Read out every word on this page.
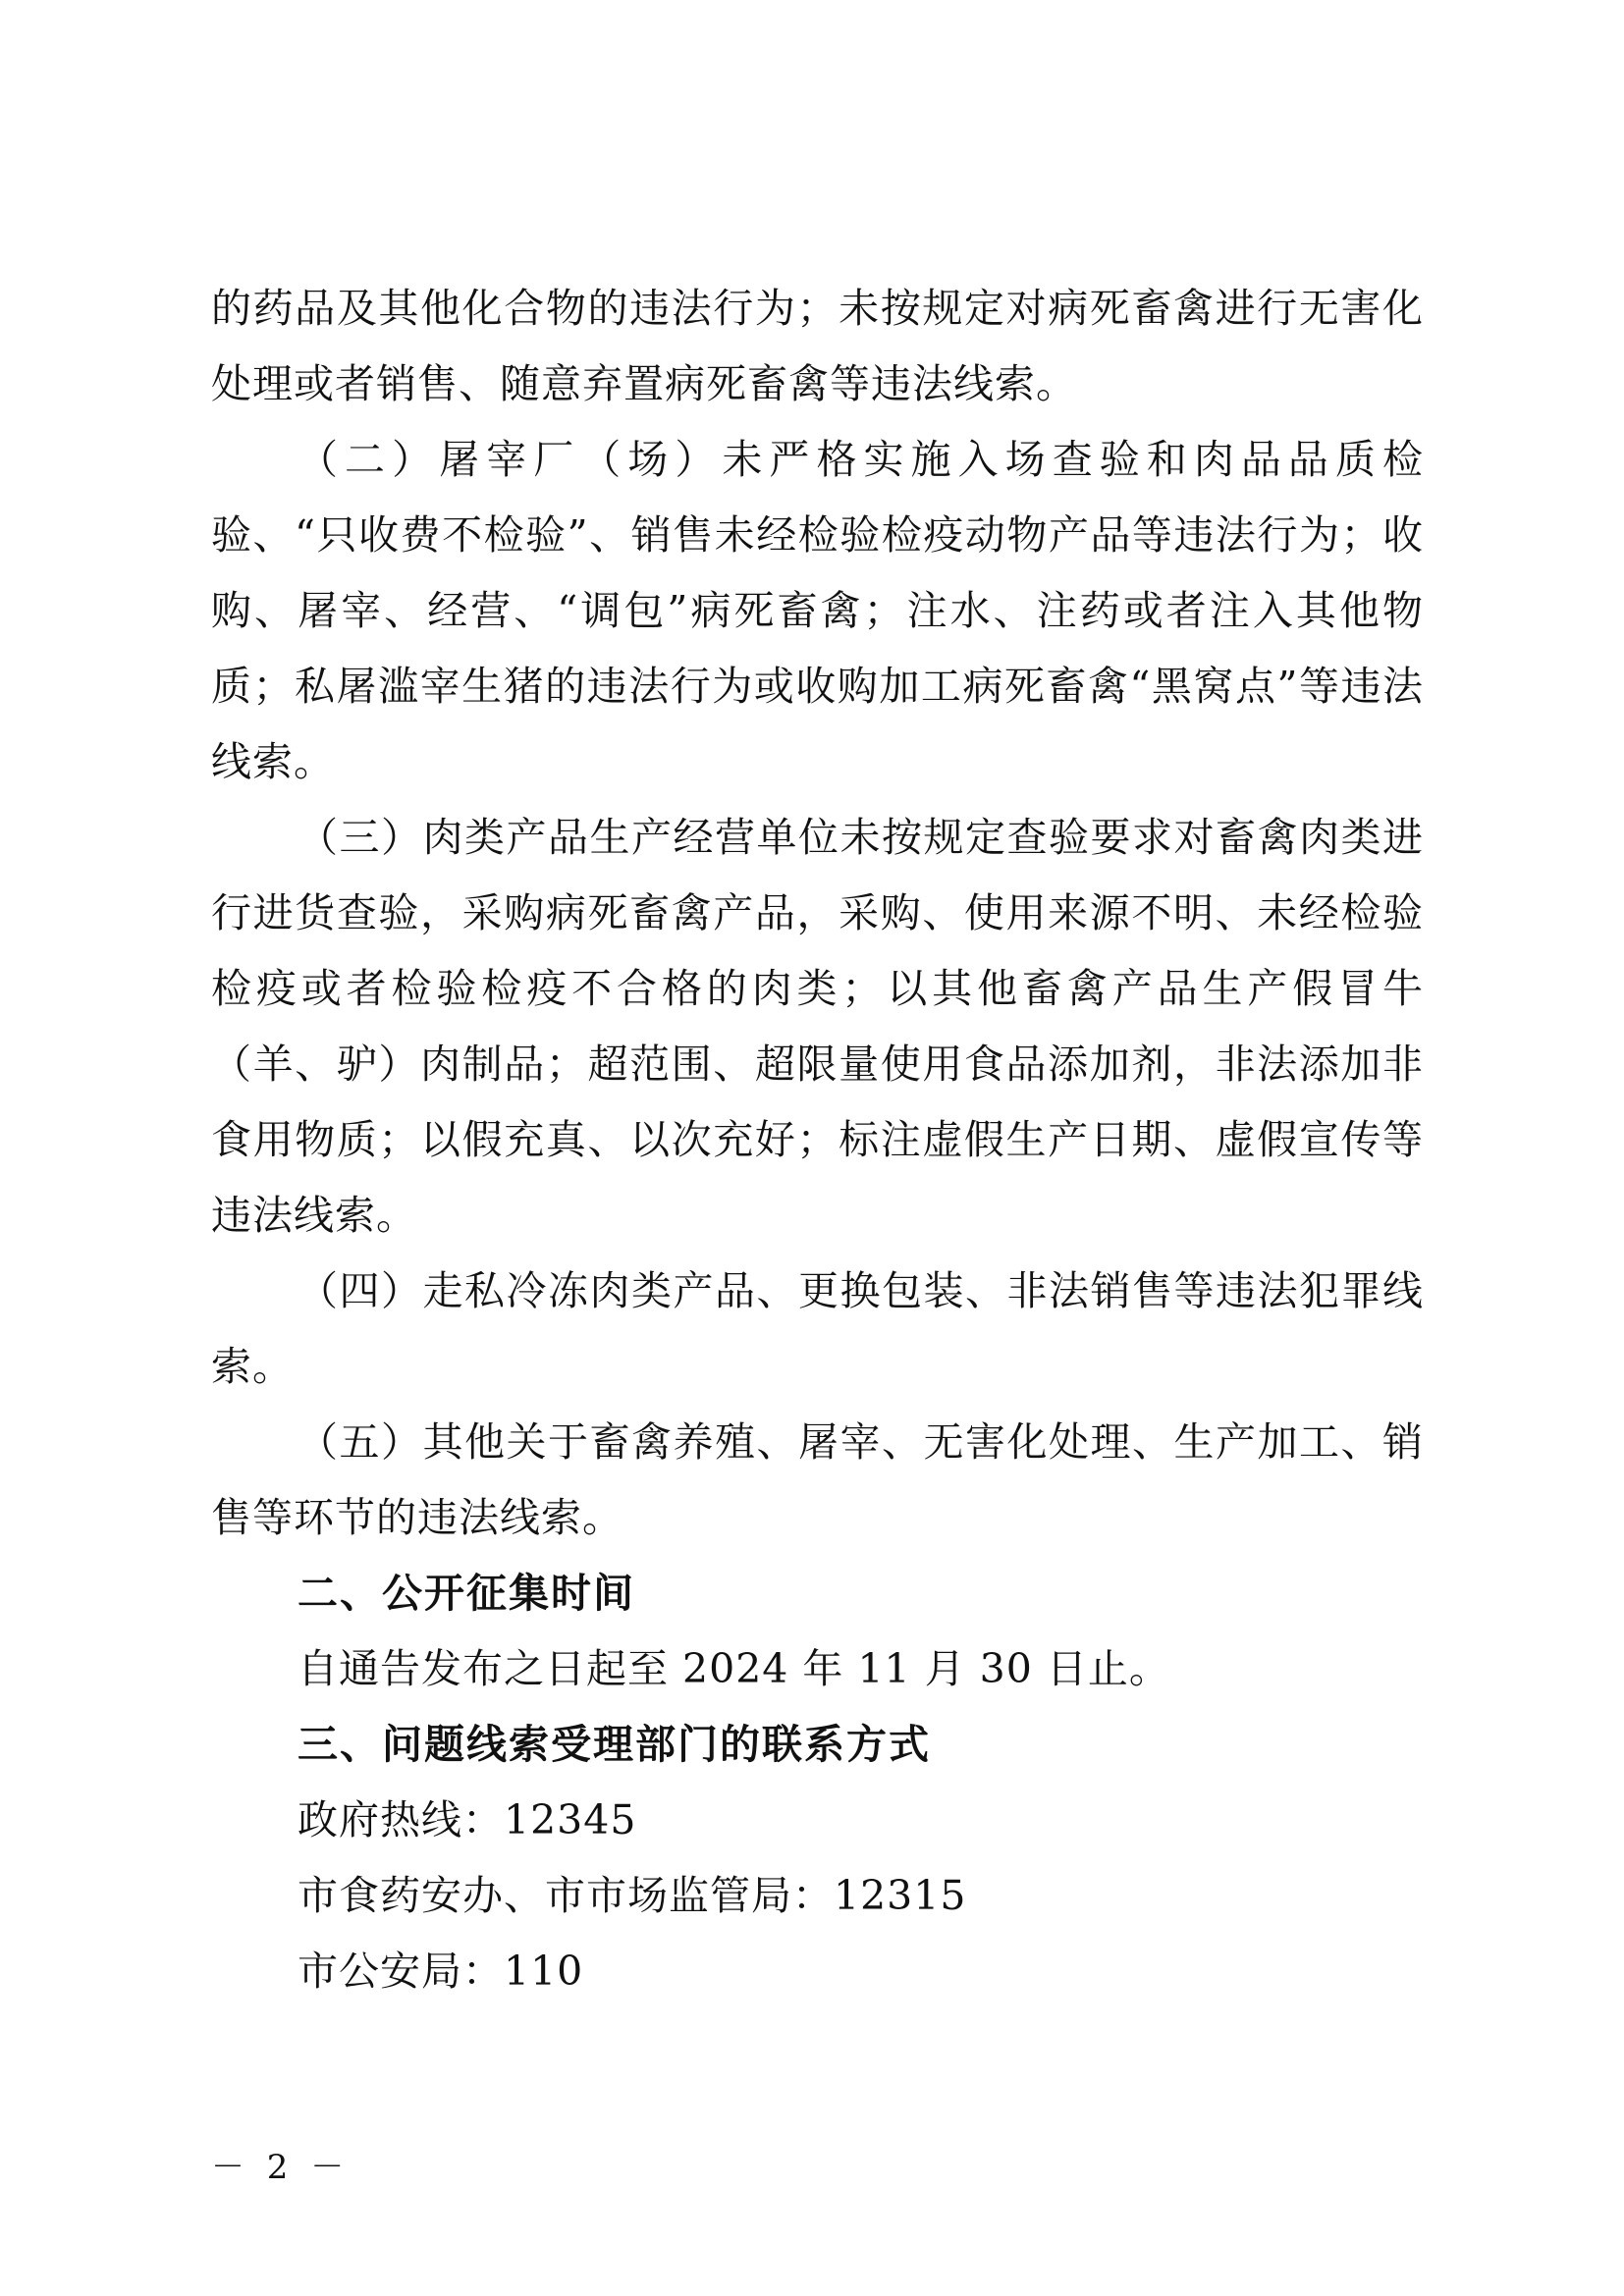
的药品及其他化合物的违法行为；未按规定对病死畜禽进行无害化处理或者销售、随意弃置病死畜禽等违法线索。

（二）屠宰厂（场）未严格实施入场查验和肉品品质检验、“只收费不检验”、销售未经检验检疫动物产品等违法行为；收购、屠宰、经营、“调包”病死畜禽；注水、注药或者注入其他物质；私屠滥宰生猪的违法行为或收购加工病死畜禽“黑窝点”等违法线索。

（三）肉类产品生产经营单位未按规定查验要求对畜禽肉类进行进货查验，采购病死畜禽产品，采购、使用来源不明、未经检验检疫或者检验检疫不合格的肉类；以其他畜禽产品生产假冒牛（羊、驴）肉制品；超范围、超限量使用食品添加剂，非法添加非食用物质；以假充真、以次充好；标注虚假生产日期、虚假宣传等违法线索。

（四）走私冷冻肉类产品、更换包装、非法销售等违法犯罪线索。

（五）其他关于畜禽养殖、屠宰、无害化处理、生产加工、销售等环节的违法线索。

二、公开征集时间

自通告发布之日起至 2024 年 11 月 30 日止。

三、问题线索受理部门的联系方式

政府热线：12345

市食药安办、市市场监管局：12315

市公安局：110

－ 2 －
